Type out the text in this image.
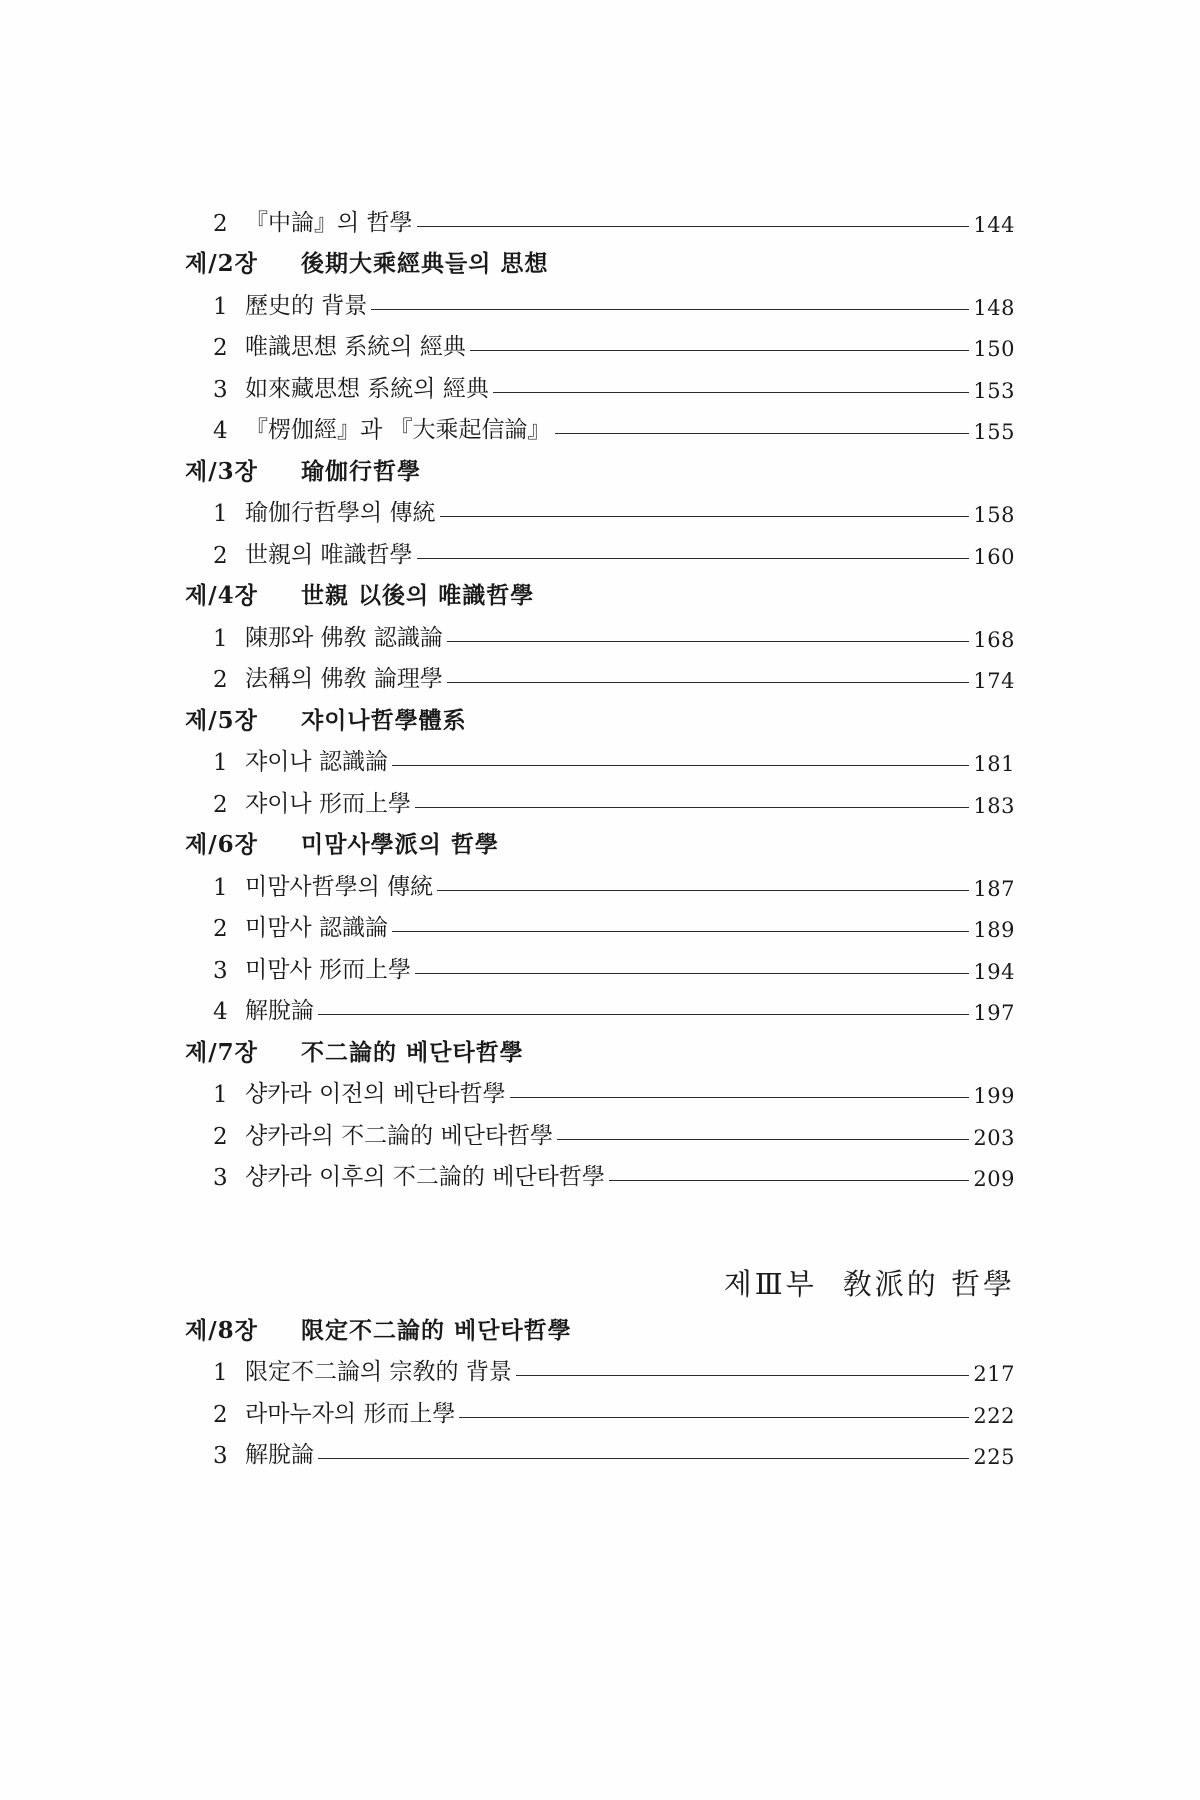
2 『中論』의 哲學	144
제/2장	後期大乘經典들의 思想
1 歷史的 背景	148
2 唯識思想 系統의 經典	150
3 如來藏思想 系統의 經典	153
4 『楞伽經』과 『大乘起信論』	155
제/3장	瑜伽行哲學
1 瑜伽行哲學의 傳統	158
2 世親의 唯識哲學	160
제/4장	世親 以後의 唯識哲學
1 陳那와 佛敎 認識論	168
2 法稱의 佛敎 論理學	174
제/5장	쟈이나哲學體系
1 쟈이나 認識論	181
2 쟈이나 形而上學	183
제/6장	미맘사學派의 哲學
1 미맘사哲學의 傳統	187
2 미맘사 認識論	189
3 미맘사 形而上學	194
4 解脫論	197
제/7장	不二論的 베단타哲學
1 샹카라 이전의 베단타哲學	199
2 샹카라의 不二論的 베단타哲學	203
3 샹카라 이후의 不二論的 베단타哲學	209
제Ⅲ부 敎派的 哲學
제/8장	限定不二論的 베단타哲學
1 限定不二論의 宗敎的 背景	217
2 라마누자의 形而上學	222
3 解脫論	225
